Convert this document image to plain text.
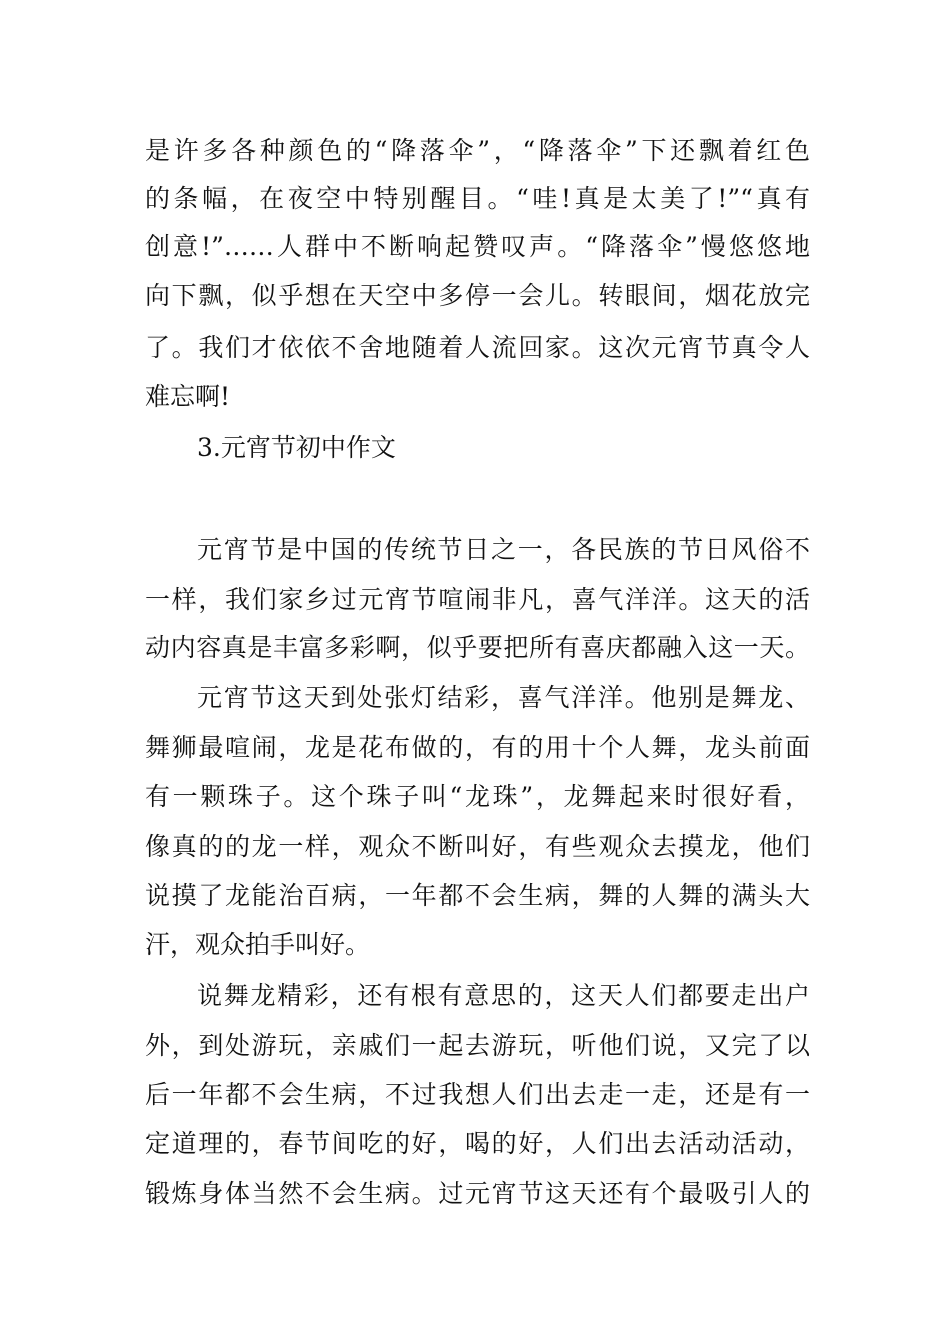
是许多各种颜色的“降落伞”，“降落伞”下还飘着红色
的条幅，在夜空中特别醒目。“哇!真是太美了!”“真有
创意!”……人群中不断响起赞叹声。“降落伞”慢悠悠地
向下飘，似乎想在天空中多停一会儿。转眼间，烟花放完
了。我们才依依不舍地随着人流回家。这次元宵节真令人
难忘啊!
3.元宵节初中作文
元宵节是中国的传统节日之一，各民族的节日风俗不
一样，我们家乡过元宵节喧闹非凡，喜气洋洋。这天的活
动内容真是丰富多彩啊，似乎要把所有喜庆都融入这一天。
元宵节这天到处张灯结彩，喜气洋洋。他别是舞龙、
舞狮最喧闹，龙是花布做的，有的用十个人舞，龙头前面
有一颗珠子。这个珠子叫“龙珠”，龙舞起来时很好看，
像真的的龙一样，观众不断叫好，有些观众去摸龙，他们
说摸了龙能治百病，一年都不会生病，舞的人舞的满头大
汗，观众拍手叫好。
说舞龙精彩，还有根有意思的，这天人们都要走出户
外，到处游玩，亲戚们一起去游玩，听他们说，又完了以
后一年都不会生病，不过我想人们出去走一走，还是有一
定道理的，春节间吃的好，喝的好，人们出去活动活动，
锻炼身体当然不会生病。过元宵节这天还有个最吸引人的
